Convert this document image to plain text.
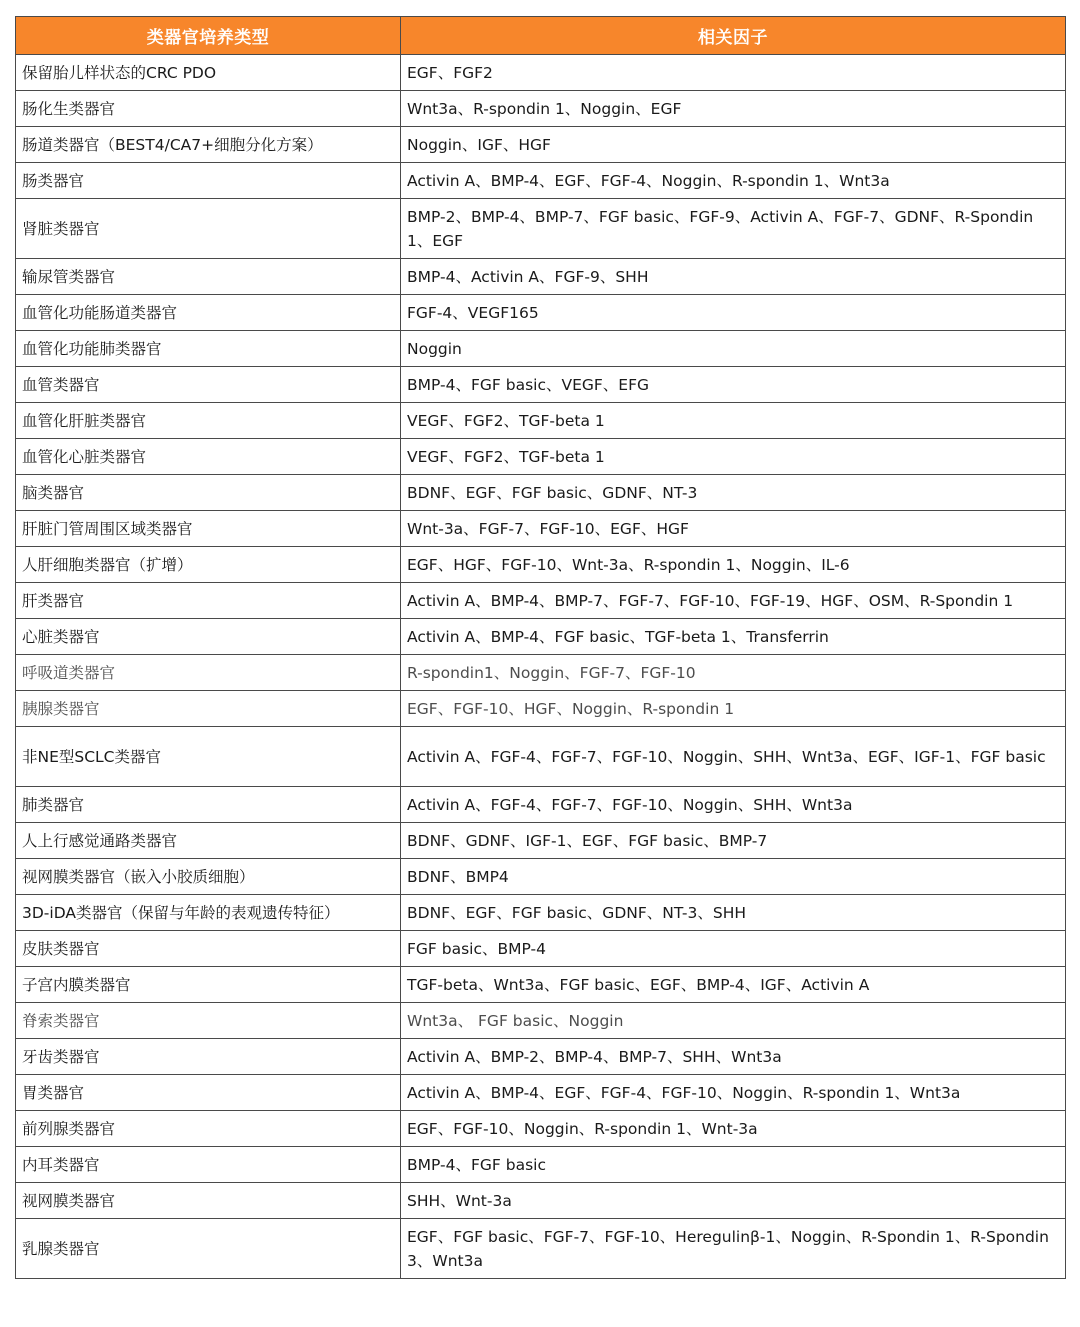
类器官培养类型	相关因子
保留胎儿样状态的CRC PDO	EGF、FGF2
肠化生类器官	Wnt3a、R-spondin 1、Noggin、EGF
肠道类器官（BEST4/CA7+细胞分化方案）	Noggin、IGF、HGF
肠类器官	Activin A、BMP-4、EGF、FGF-4、Noggin、R-spondin 1、Wnt3a
肾脏类器官	BMP-2、BMP-4、BMP-7、FGF basic、FGF-9、Activin A、FGF-7、GDNF、R-Spondin 1、EGF
输尿管类器官	BMP-4、Activin A、FGF-9、SHH
血管化功能肠道类器官	FGF-4、VEGF165
血管化功能肺类器官	Noggin
血管类器官	BMP-4、FGF basic、VEGF、EFG
血管化肝脏类器官	VEGF、FGF2、TGF-beta 1
血管化心脏类器官	VEGF、FGF2、TGF-beta 1
脑类器官	BDNF、EGF、FGF basic、GDNF、NT-3
肝脏门管周围区域类器官	Wnt-3a、FGF-7、FGF-10、EGF、HGF
人肝细胞类器官（扩增）	EGF、HGF、FGF-10、Wnt-3a、R-spondin 1、Noggin、IL-6
肝类器官	Activin A、BMP-4、BMP-7、FGF-7、FGF-10、FGF-19、HGF、OSM、R-Spondin 1
心脏类器官	Activin A、BMP-4、FGF basic、TGF-beta 1、Transferrin
呼吸道类器官	R-spondin1、Noggin、FGF-7、FGF-10
胰腺类器官	EGF、FGF-10、HGF、Noggin、R-spondin 1
非NE型SCLC类器官	Activin A、FGF-4、FGF-7、FGF-10、Noggin、SHH、Wnt3a、EGF、IGF-1、FGF basic
肺类器官	Activin A、FGF-4、FGF-7、FGF-10、Noggin、SHH、Wnt3a
人上行感觉通路类器官	BDNF、GDNF、IGF-1、EGF、FGF basic、BMP-7
视网膜类器官（嵌入小胶质细胞）	BDNF、BMP4
3D-iDA类器官（保留与年龄的表观遗传特征）	BDNF、EGF、FGF basic、GDNF、NT-3、SHH
皮肤类器官	FGF basic、BMP-4
子宫内膜类器官	TGF-beta、Wnt3a、FGF basic、EGF、BMP-4、IGF、Activin A
脊索类器官	Wnt3a、 FGF basic、Noggin
牙齿类器官	Activin A、BMP-2、BMP-4、BMP-7、SHH、Wnt3a
胃类器官	Activin A、BMP-4、EGF、FGF-4、FGF-10、Noggin、R-spondin 1、Wnt3a
前列腺类器官	EGF、FGF-10、Noggin、R-spondin 1、Wnt-3a
内耳类器官	BMP-4、FGF basic
视网膜类器官	SHH、Wnt-3a
乳腺类器官	EGF、FGF basic、FGF-7、FGF-10、Heregulinβ-1、Noggin、R-Spondin 1、R-Spondin 3、Wnt3a
